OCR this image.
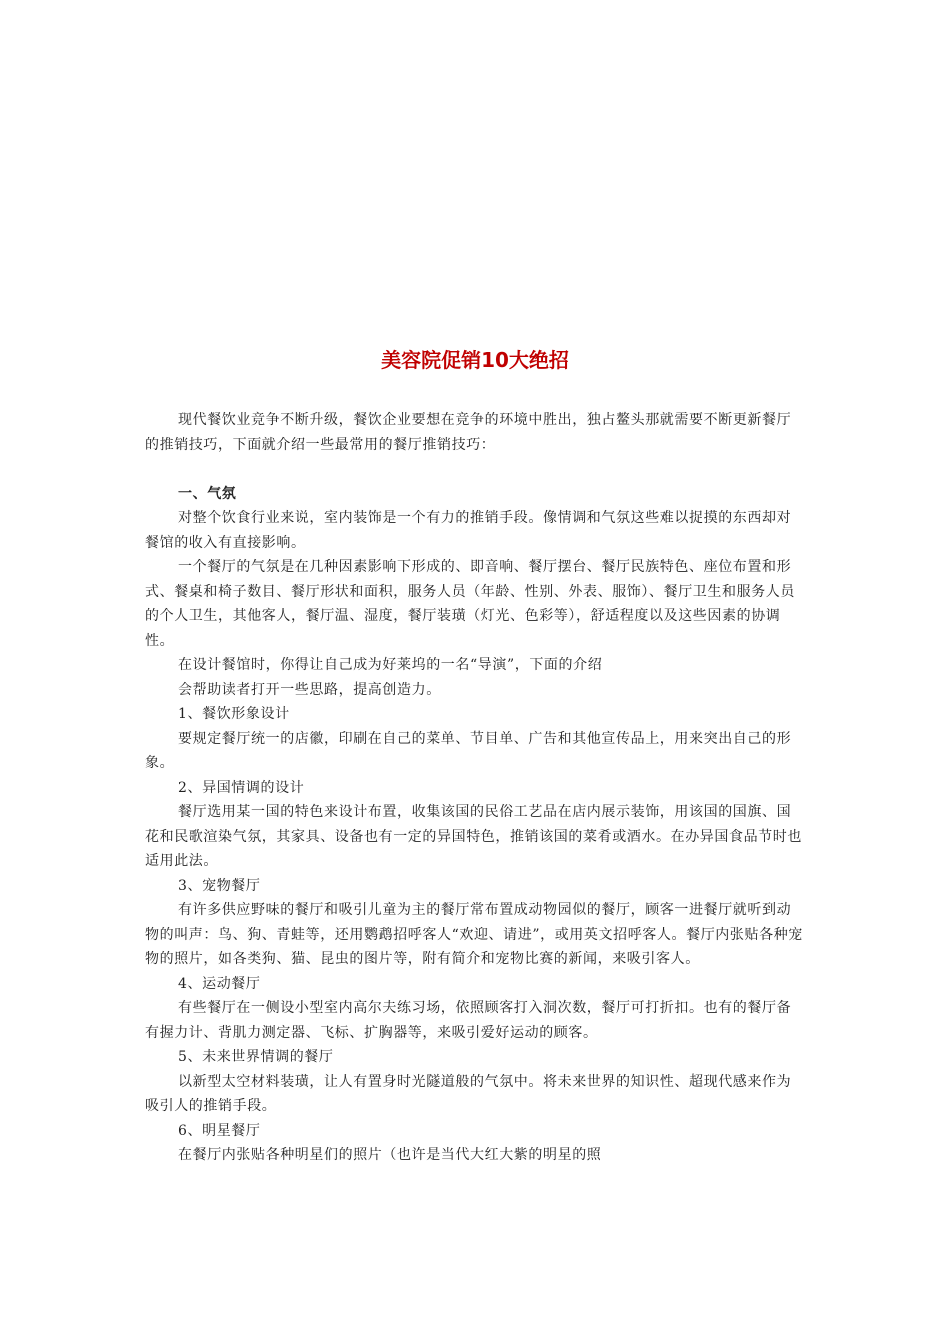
美容院促销10大绝招

现代餐饮业竞争不断升级，餐饮企业要想在竞争的环境中胜出，独占鳌头那就需要不断更新餐厅的推销技巧，下面就介绍一些最常用的餐厅推销技巧：

一、气氛

对整个饮食行业来说，室内装饰是一个有力的推销手段。像情调和气氛这些难以捉摸的东西却对餐馆的收入有直接影响。

一个餐厅的气氛是在几种因素影响下形成的、即音响、餐厅摆台、餐厅民族特色、座位布置和形式、餐桌和椅子数目、餐厅形状和面积，服务人员（年龄、性别、外表、服饰）、餐厅卫生和服务人员的个人卫生，其他客人，餐厅温、湿度，餐厅装璜（灯光、色彩等），舒适程度以及这些因素的协调性。

在设计餐馆时，你得让自己成为好莱坞的一名“导演”，下面的介绍

会帮助读者打开一些思路，提高创造力。

1、餐饮形象设计

要规定餐厅统一的店徽，印刷在自己的菜单、节目单、广告和其他宣传品上，用来突出自己的形象。

2、异国情调的设计

餐厅选用某一国的特色来设计布置，收集该国的民俗工艺品在店内展示装饰，用该国的国旗、国花和民歌渲染气氛，其家具、设备也有一定的异国特色，推销该国的菜肴或酒水。在办异国食品节时也适用此法。

3、宠物餐厅

有许多供应野味的餐厅和吸引儿童为主的餐厅常布置成动物园似的餐厅，顾客一进餐厅就听到动物的叫声：鸟、狗、青蛙等，还用鹦鹉招呼客人“欢迎、请进”，或用英文招呼客人。餐厅内张贴各种宠物的照片，如各类狗、猫、昆虫的图片等，附有简介和宠物比赛的新闻，来吸引客人。

4、运动餐厅

有些餐厅在一侧设小型室内高尔夫练习场，依照顾客打入洞次数，餐厅可打折扣。也有的餐厅备有握力计、背肌力测定器、飞标、扩胸器等，来吸引爱好运动的顾客。

5、未来世界情调的餐厅

以新型太空材料装璜，让人有置身时光隧道般的气氛中。将未来世界的知识性、超现代感来作为吸引人的推销手段。

6、明星餐厅

在餐厅内张贴各种明星们的照片（也许是当代大红大紫的明星的照
